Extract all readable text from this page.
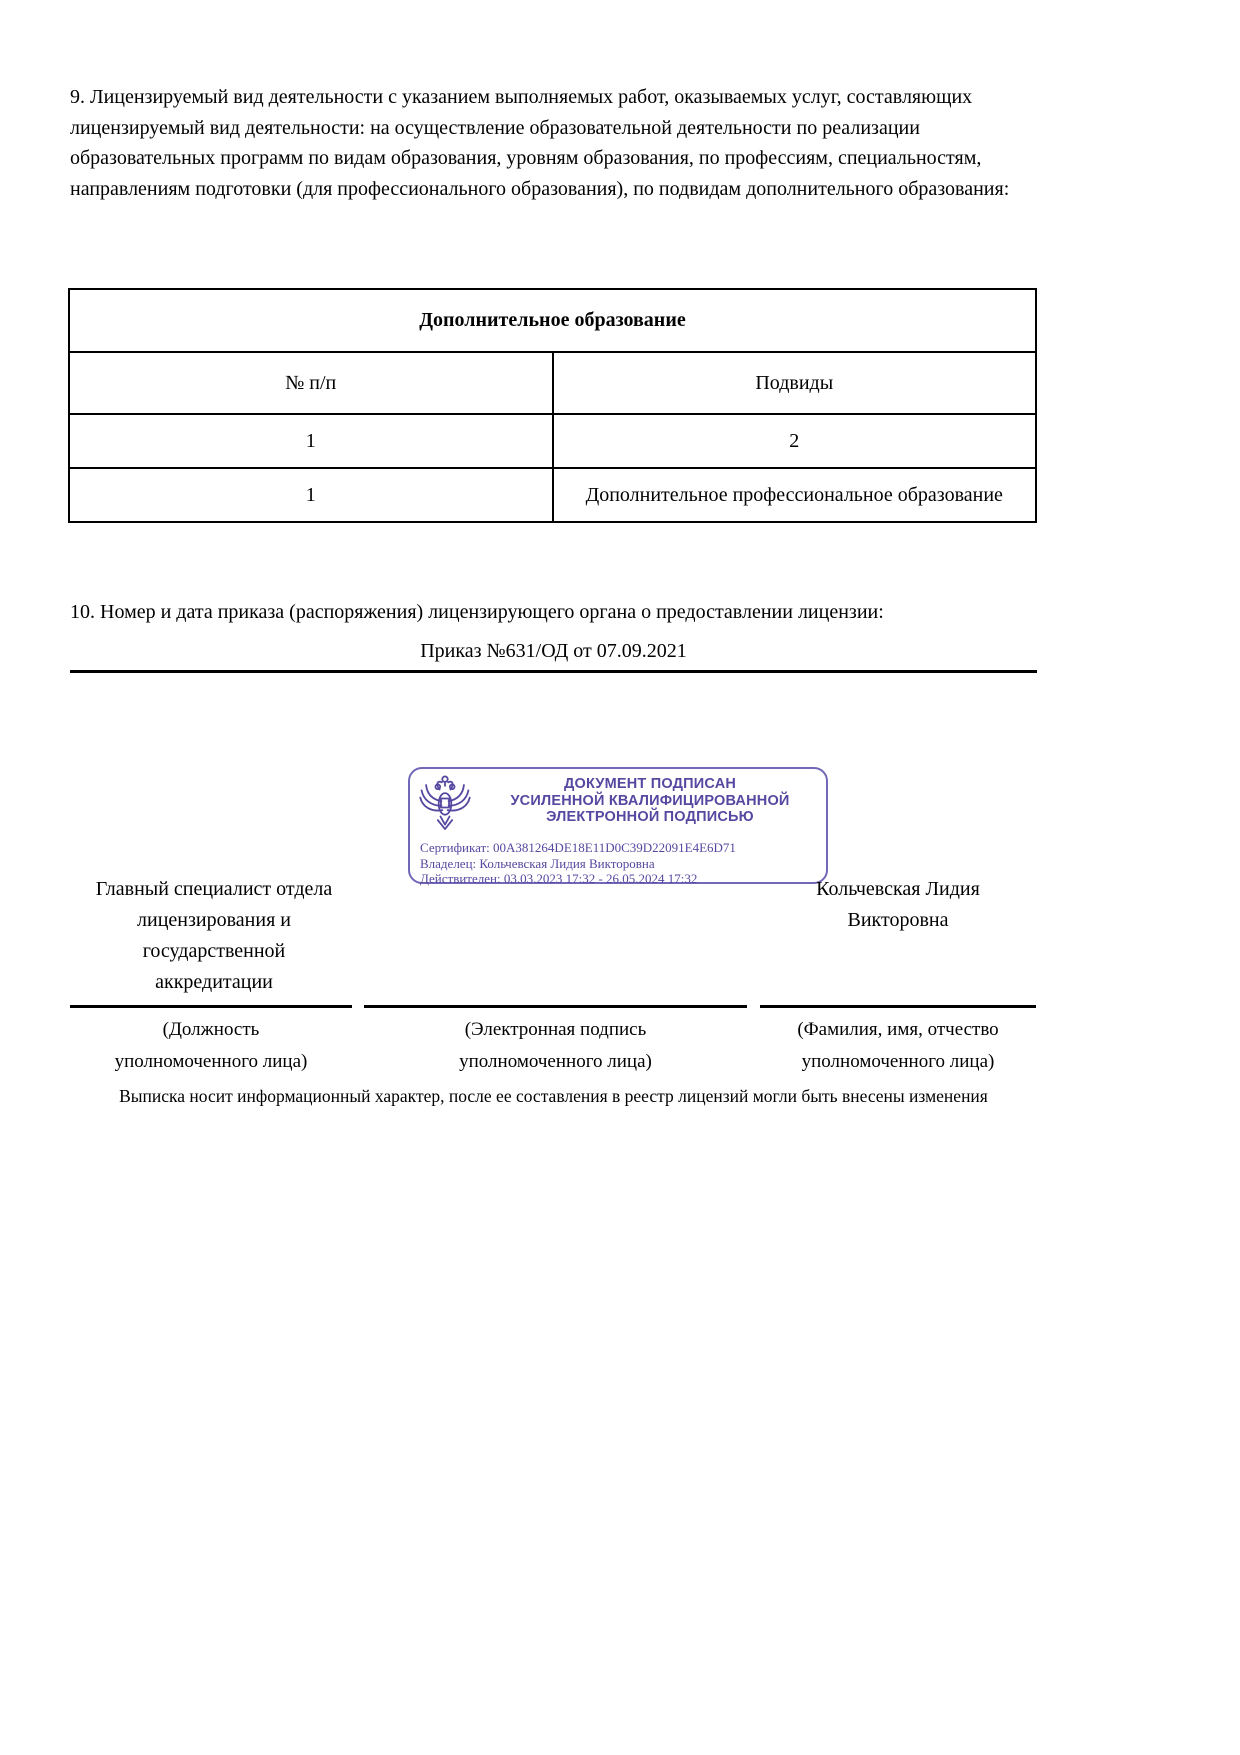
9. Лицензируемый вид деятельности с указанием выполняемых работ, оказываемых услуг, составляющих лицензируемый вид деятельности: на осуществление образовательной деятельности по реализации образовательных программ по видам образования, уровням образования, по профессиям, специальностям, направлениям подготовки (для профессионального образования), по подвидам дополнительного образования:
Дополнительное образование	
№ п/п	Подвиды
1	2
1	Дополнительное профессиональное образование
10. Номер и дата приказа (распоряжения) лицензирующего органа о предоставлении лицензии:
Приказ №631/ОД от 07.09.2021
ДОКУМЕНТ ПОДПИСАН
УСИЛЕННОЙ КВАЛИФИЦИРОВАННОЙ
ЭЛЕКТРОННОЙ ПОДПИСЬЮ
Сертификат: 00A381264DE18E11D0C39D22091E4E6D71
Владелец: Кольчевская Лидия Викторовна
Действителен: 03.03.2023 17:32 - 26.05.2024 17:32
Главный специалист отдела
лицензирования и
государственной
аккредитации
Кольчевская Лидия
Викторовна
(Должность
уполномоченного лица)
(Электронная подпись
уполномоченного лица)
(Фамилия, имя, отчество
уполномоченного лица)
Выписка носит информационный характер, после ее составления в реестр лицензий могли быть внесены изменения
